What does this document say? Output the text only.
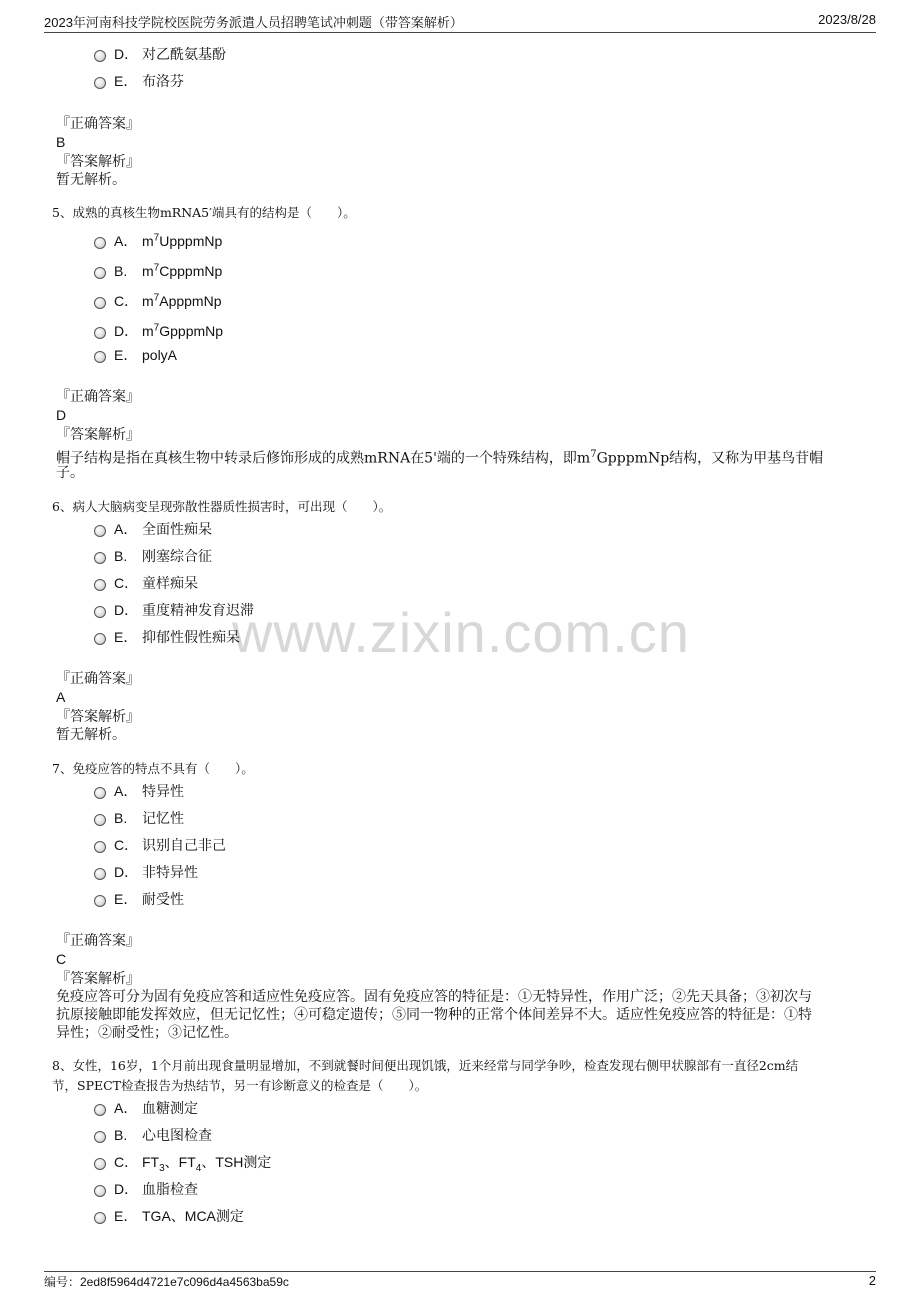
2023年河南科技学院校医院劳务派遣人员招聘笔试冲刺题（带答案解析）	2023/8/28
www.zixin.com.cn
D． 对乙酰氨基酚
E． 布洛芬
『正确答案』
B
『答案解析』
暂无解析。
5、成熟的真核生物mRNA5′端具有的结构是（　　）。
A． $m^7UpppmNp$
B. $m^7CpppmNp$
C． $m^7ApppmNp$
D． $m^7GpppmNp$
E． polyA
『正确答案』
D
『答案解析』
帽子结构是指在真核生物中转录后修饰形成的成熟mRNA在5'端的一个特殊结构，即$m^7GpppmNp$结构，又称为甲基鸟苷帽
子。
6、病人大脑病变呈现弥散性器质性损害时，可出现（　　）。
A． 全面性痴呆
B. 刚塞综合征
C． 童样痴呆
D． 重度精神发育迟滞
E． 抑郁性假性痴呆
『正确答案』
A
『答案解析』
暂无解析。
7、免疫应答的特点不具有（　　）。
A． 特异性
B. 记忆性
C． 识别自己非己
D． 非特异性
E． 耐受性
『正确答案』
C
『答案解析』
免疫应答可分为固有免疫应答和适应性免疫应答。固有免疫应答的特征是：①无特异性，作用广泛；②先天具备；③初次与
抗原接触即能发挥效应，但无记忆性；④可稳定遗传；⑤同一物种的正常个体间差异不大。适应性免疫应答的特征是：①特
异性；②耐受性；③记忆性。
8、女性，16岁，1个月前出现食量明显增加，不到就餐时间便出现饥饿，近来经常与同学争吵，检查发现右侧甲状腺部有一直径2cm结
节，SPECT检查报告为热结节，另一有诊断意义的检查是（　　）。
A． 血糖测定
B. 心电图检查
C． $FT_3$、$FT_4$、TSH测定
D． 血脂检查
E． TGA、MCA测定
编号：2ed8f5964d4721e7c096d4a4563ba59c	2
